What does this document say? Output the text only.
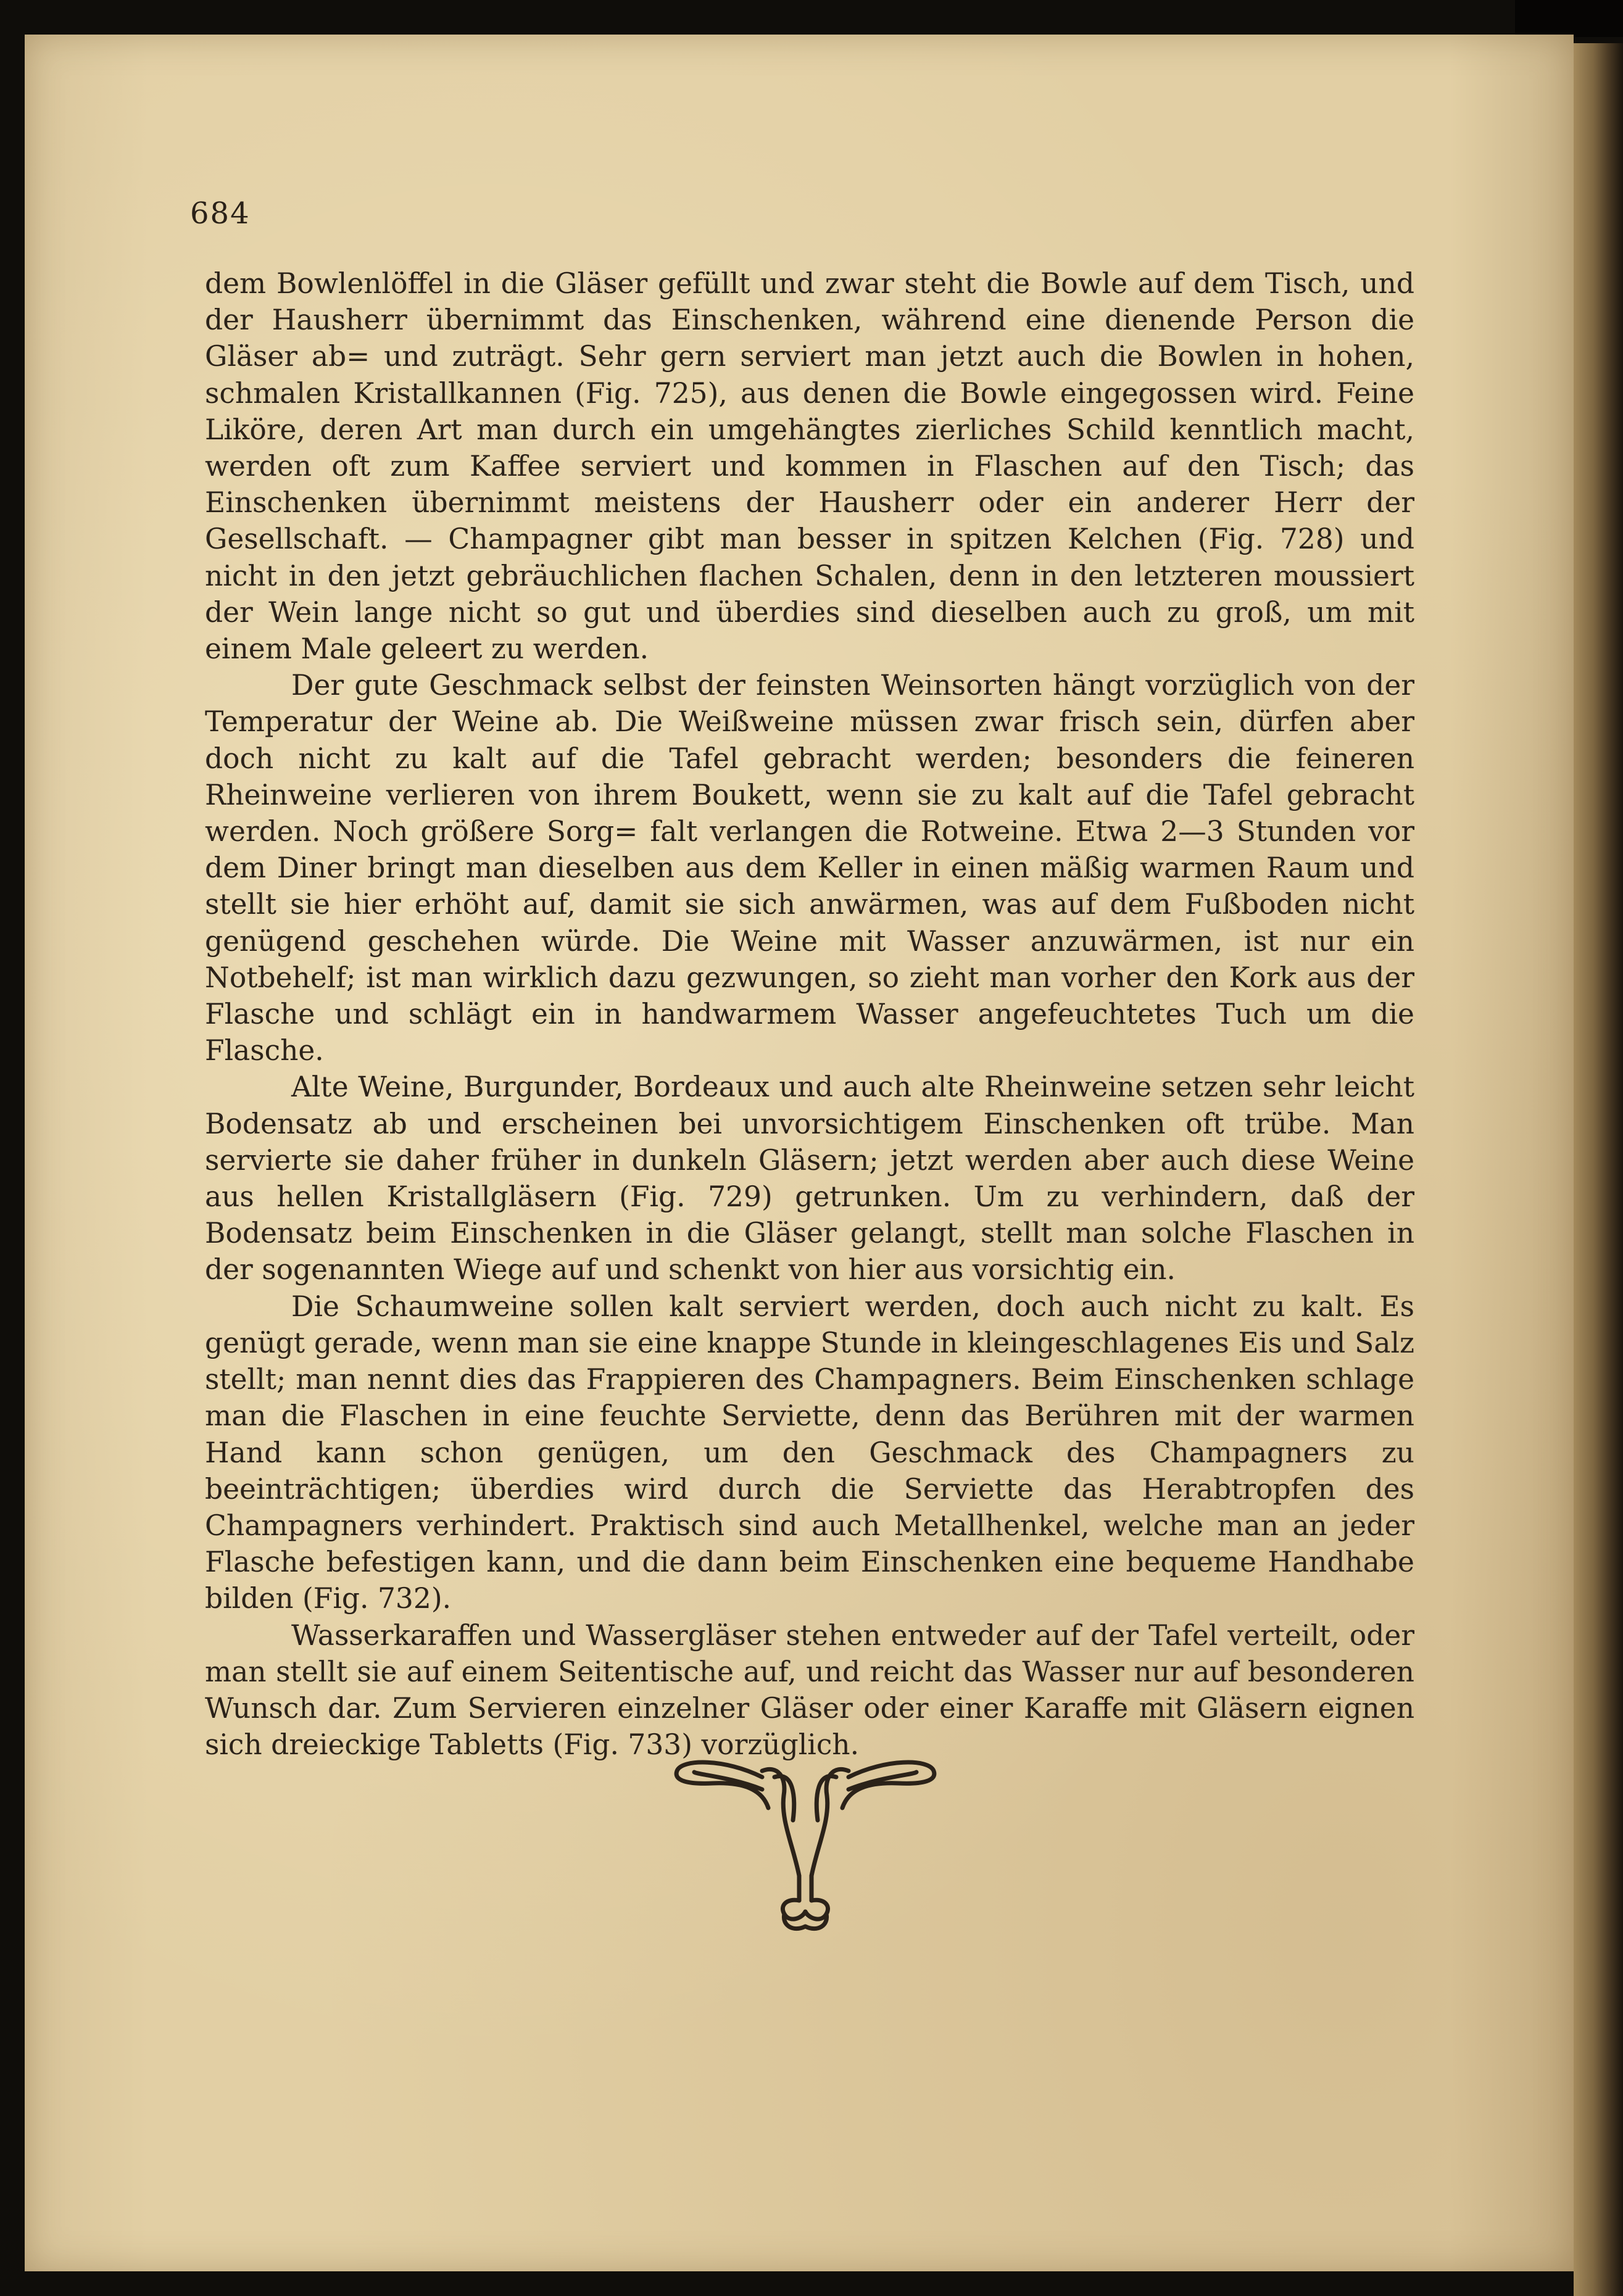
684

dem Bowlenlöffel in die Gläser gefüllt und zwar steht die Bowle auf dem Tisch, und der Hausherr übernimmt das Einschenken, während eine dienende Person die Gläser ab= und zuträgt. Sehr gern serviert man jetzt auch die Bowlen in hohen, schmalen Kristallkannen (Fig. 725), aus denen die Bowle eingegossen wird. Feine Liköre, deren Art man durch ein umgehängtes zierliches Schild kenntlich macht, werden oft zum Kaffee serviert und kommen in Flaschen auf den Tisch; das Einschenken übernimmt meistens der Hausherr oder ein anderer Herr der Gesellschaft. — Champagner gibt man besser in spitzen Kelchen (Fig. 728) und nicht in den jetzt gebräuchlichen flachen Schalen, denn in den letzteren moussiert der Wein lange nicht so gut und überdies sind dieselben auch zu groß, um mit einem Male geleert zu werden.

Der gute Geschmack selbst der feinsten Weinsorten hängt vorzüglich von der Temperatur der Weine ab. Die Weißweine müssen zwar frisch sein, dürfen aber doch nicht zu kalt auf die Tafel gebracht werden; besonders die feineren Rheinweine verlieren von ihrem Boukett, wenn sie zu kalt auf die Tafel gebracht werden. Noch größere Sorg= falt verlangen die Rotweine. Etwa 2—3 Stunden vor dem Diner bringt man dieselben aus dem Keller in einen mäßig warmen Raum und stellt sie hier erhöht auf, damit sie sich anwärmen, was auf dem Fußboden nicht genügend geschehen würde. Die Weine mit Wasser anzuwärmen, ist nur ein Notbehelf; ist man wirklich dazu gezwungen, so zieht man vorher den Kork aus der Flasche und schlägt ein in handwarmem Wasser angefeuchtetes Tuch um die Flasche.

Alte Weine, Burgunder, Bordeaux und auch alte Rheinweine setzen sehr leicht Bodensatz ab und erscheinen bei unvorsichtigem Einschenken oft trübe. Man servierte sie daher früher in dunkeln Gläsern; jetzt werden aber auch diese Weine aus hellen Kristallgläsern (Fig. 729) getrunken. Um zu verhindern, daß der Bodensatz beim Einschenken in die Gläser gelangt, stellt man solche Flaschen in der sogenannten Wiege auf und schenkt von hier aus vorsichtig ein.

Die Schaumweine sollen kalt serviert werden, doch auch nicht zu kalt. Es genügt gerade, wenn man sie eine knappe Stunde in kleingeschlagenes Eis und Salz stellt; man nennt dies das Frappieren des Champagners. Beim Einschenken schlage man die Flaschen in eine feuchte Serviette, denn das Berühren mit der warmen Hand kann schon genügen, um den Geschmack des Champagners zu beeinträchtigen; überdies wird durch die Serviette das Herabtropfen des Champagners verhindert. Praktisch sind auch Metallhenkel, welche man an jeder Flasche befestigen kann, und die dann beim Einschenken eine bequeme Handhabe bilden (Fig. 732).

Wasserkaraffen und Wassergläser stehen entweder auf der Tafel verteilt, oder man stellt sie auf einem Seitentische auf, und reicht das Wasser nur auf besonderen Wunsch dar. Zum Servieren einzelner Gläser oder einer Karaffe mit Gläsern eignen sich dreieckige Tabletts (Fig. 733) vorzüglich.
